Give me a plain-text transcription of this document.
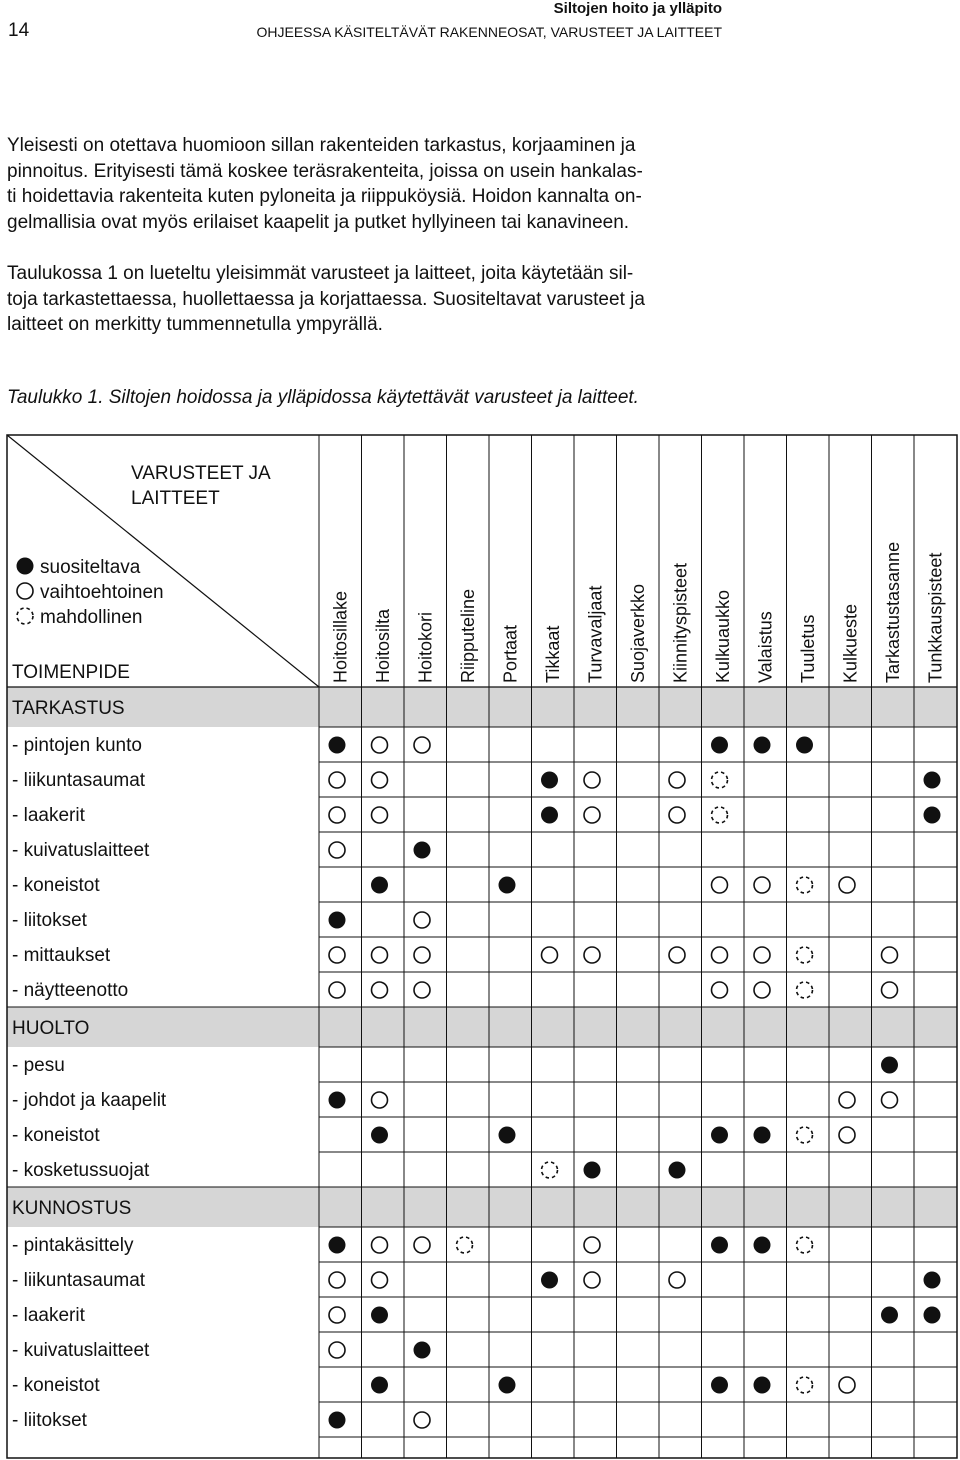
Siltojen hoito ja ylläpito
14	OHJEESSA KÄSITELTÄVÄT RAKENNEOSAT, VARUSTEET JA LAITTEET
Yleisesti on otettava huomioon sillan rakenteiden tarkastus, korjaaminen ja
pinnoitus. Erityisesti tämä koskee teräsrakenteita, joissa on usein hankalas-
ti hoidettavia rakenteita kuten pyloneita ja riippuköysiä. Hoidon kannalta on-
gelmallisia ovat myös erilaiset kaapelit ja putket hyllyineen tai kanavineen.
Taulukossa 1 on lueteltu yleisimmät varusteet ja laitteet, joita käytetään sil-
toja tarkastettaessa, huollettaessa ja korjattaessa. Suositeltavat varusteet ja
laitteet on merkitty tummennetulla ympyrällä.
Taulukko 1. Siltojen hoidossa ja ylläpidossa käytettävät varusteet ja laitteet.
VARUSTEET JA
LAITTEET
TOIMENPIDE
suositeltava
vaihtoehtoinen
mahdollinen	Hoitosillake Hoitosilta Hoitokori Riipputeline Portaat Tikkaat Turvavaljaat Suojaverkko Kiinnityspisteet Kulkuaukko Valaistus Tuuletus Kulkueste Tarkastustasanne Tunkkauspisteet
TARKASTUS
- pintojen kunto
- liikuntasaumat
- laakerit
- kuivatuslaitteet
- koneistot
- liitokset
- mittaukset
- näytteenotto
HUOLTO
- pesu
- johdot ja kaapelit
- koneistot
- kosketussuojat
KUNNOSTUS
- pintakäsittely
- liikuntasaumat
- laakerit
- kuivatuslaitteet
- koneistot
- liitokset
